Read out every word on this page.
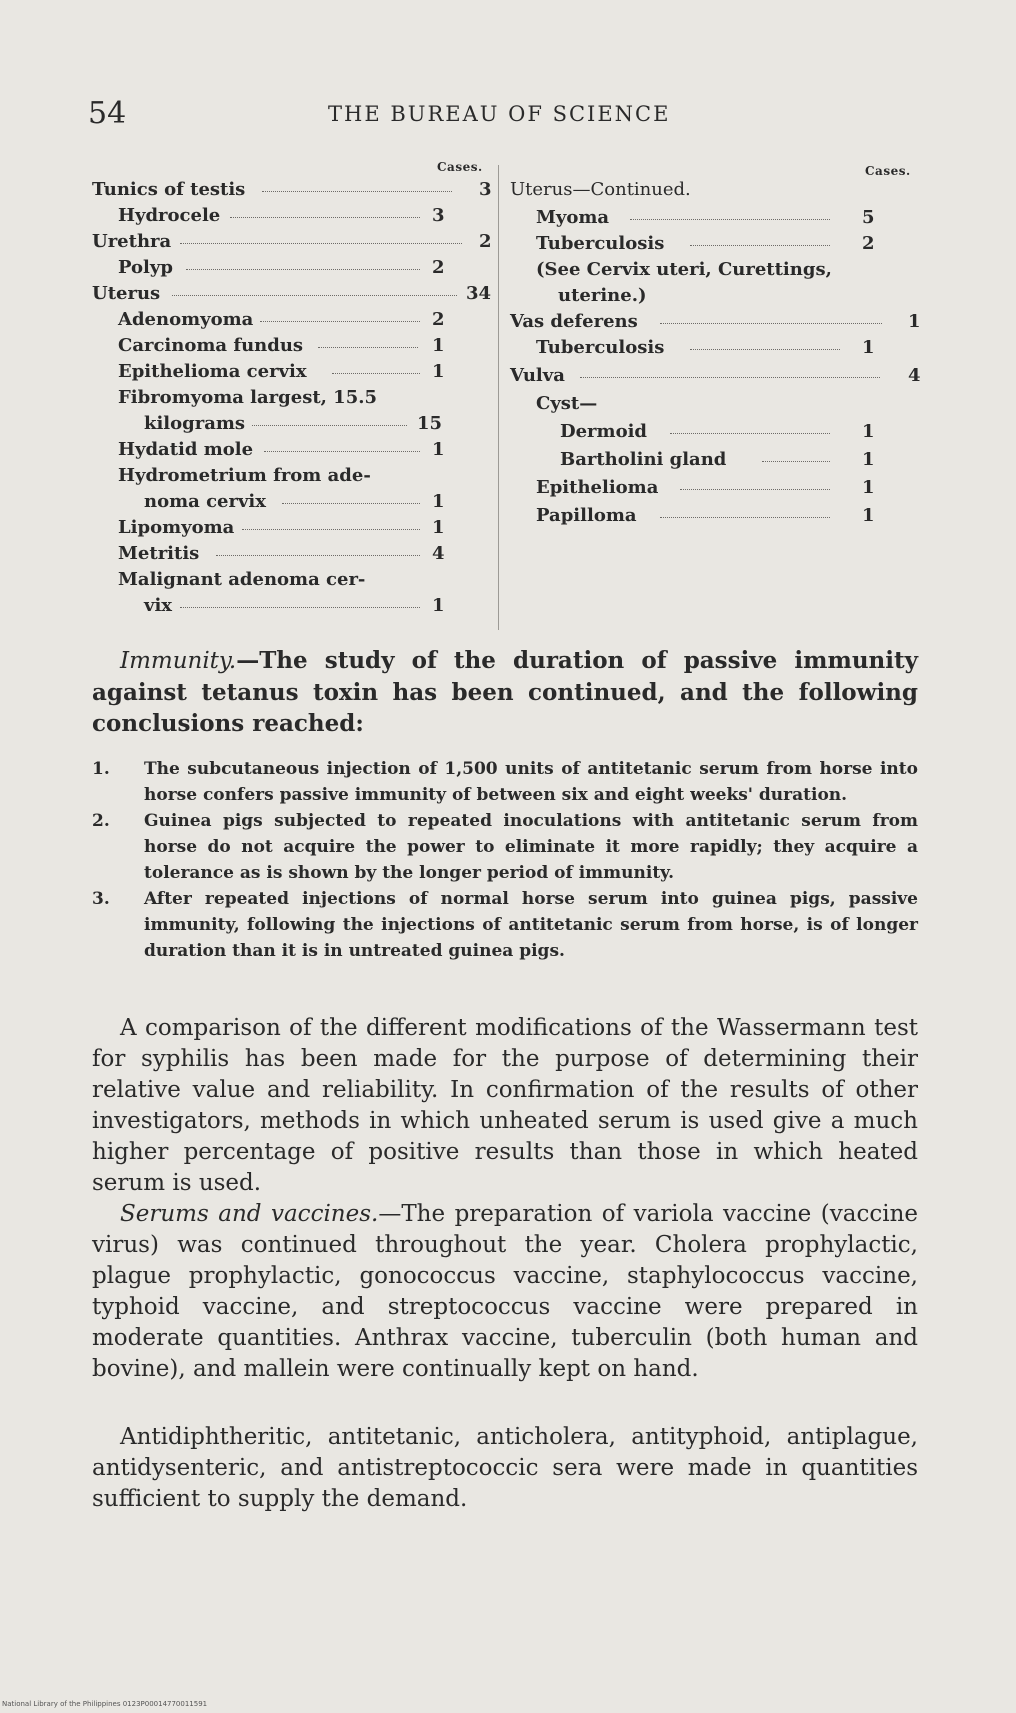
54	THE BUREAU OF SCIENCE
Cases.
Tunics of testis	3
Hydrocele	3
Urethra	2
Polyp	2
Uterus	34
Adenomyoma	2
Carcinoma fundus	1
Epithelioma cervix	1
Fibromyoma largest, 15.5
kilograms	15
Hydatid mole	1
Hydrometrium from ade-
noma cervix	1
Lipomyoma	1
Metritis	4
Malignant adenoma cer-
vix	1
Cases.
Uterus—Continued.
Myoma	5
Tuberculosis	2
(See Cervix uteri, Curettings,
uterine.)
Vas deferens	1
Tuberculosis	1
Vulva	4
Cyst—
Dermoid	1
Bartholini gland	1
Epithelioma	1
Papilloma	1

Immunity.—The study of the duration of passive immunity against tetanus toxin has been continued, and the following conclusions reached:

1. The subcutaneous injection of 1,500 units of antitetanic serum from horse into horse confers passive immunity of between six and eight weeks' duration.
2. Guinea pigs subjected to repeated inoculations with antitetanic serum from horse do not acquire the power to eliminate it more rapidly; they acquire a tolerance as is shown by the longer period of immunity.
3. After repeated injections of normal horse serum into guinea pigs, passive immunity, following the injections of antitetanic serum from horse, is of longer duration than it is in untreated guinea pigs.

A comparison of the different modifications of the Wassermann test for syphilis has been made for the purpose of determining their relative value and reliability. In confirmation of the results of other investigators, methods in which unheated serum is used give a much higher percentage of positive results than those in which heated serum is used.

Serums and vaccines.—The preparation of variola vaccine (vaccine virus) was continued throughout the year. Cholera prophylactic, plague prophylactic, gonococcus vaccine, staphylococcus vaccine, typhoid vaccine, and streptococcus vaccine were prepared in moderate quantities. Anthrax vaccine, tuberculin (both human and bovine), and mallein were continually kept on hand.

Antidiphtheritic, antitetanic, anticholera, antityphoid, antiplague, antidysenteric, and antistreptococcic sera were made in quantities sufficient to supply the demand.

National Library of the Philippines 0123P00014770011591
